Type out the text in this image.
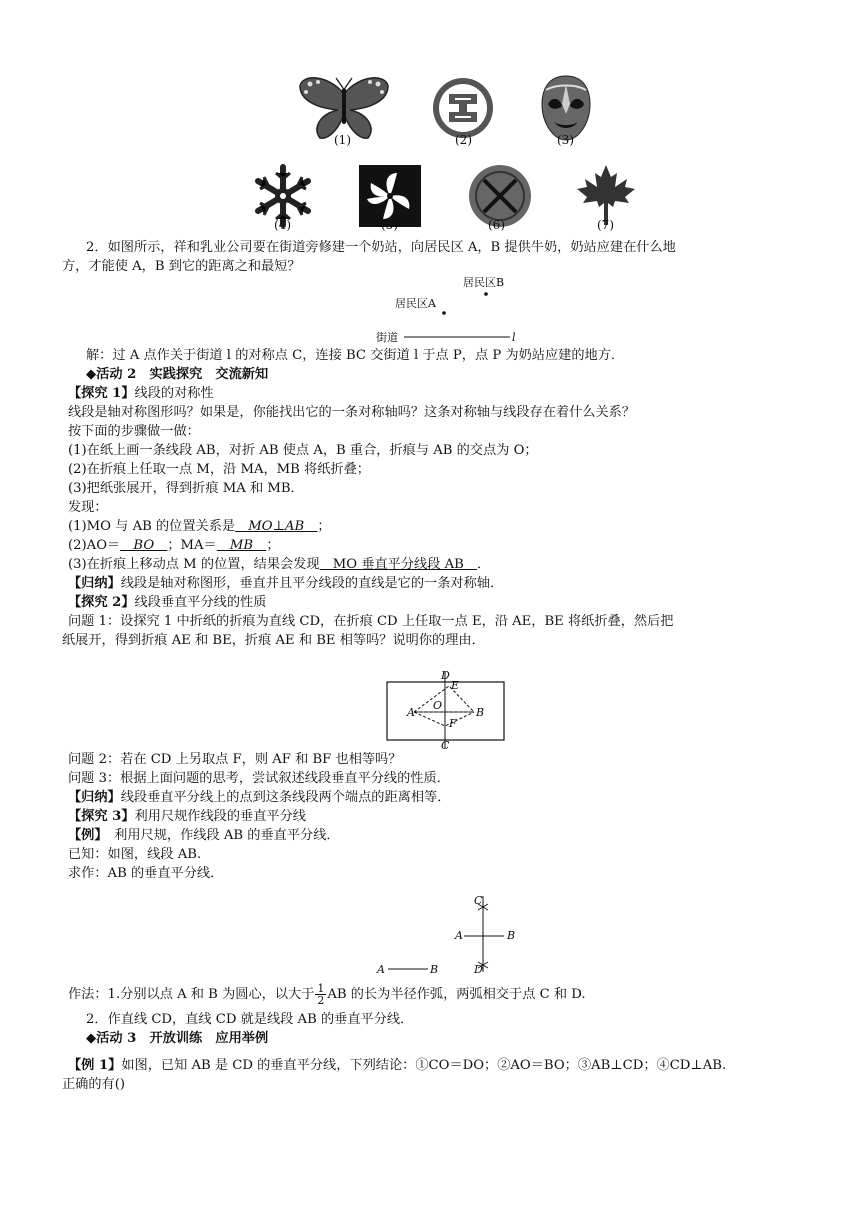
(1)	(2)	(3)
(4)	(5)	(6)	(7)
2．如图所示，祥和乳业公司要在街道旁修建一个奶站，向居民区 A，B 提供牛奶，奶站应建在什么地
方，才能使 A，B 到它的距离之和最短？
居民区B
居民区A
街道	l
解：过 A 点作关于街道 l 的对称点 C，连接 BC 交街道 l 于点 P，点 P 为奶站应建的地方．
◆活动 2　实践探究　交流新知
【探究 1】线段的对称性
线段是轴对称图形吗？如果是，你能找出它的一条对称轴吗？这条对称轴与线段存在着什么关系？
按下面的步骤做一做：
(1)在纸上画一条线段 AB，对折 AB 使点 A，B 重合，折痕与 AB 的交点为 O；
(2)在折痕上任取一点 M，沿 MA，MB 将纸折叠；
(3)把纸张展开，得到折痕 MA 和 MB．
发现：
(1)MO 与 AB 的位置关系是　MO⊥AB　；
(2)AO＝　BO　；MA＝　MB　；
(3)在折痕上移动点 M 的位置，结果会发现　MO 垂直平分线段 AB　．
【归纳】线段是轴对称图形，垂直并且平分线段的直线是它的一条对称轴．
【探究 2】线段垂直平分线的性质
问题 1：设探究 1 中折纸的折痕为直线 CD，在折痕 CD 上任取一点 E，沿 AE，BE 将纸折叠，然后把
纸展开，得到折痕 AE 和 BE，折痕 AE 和 BE 相等吗？说明你的理由．
D
E
A
O
B
F
C
问题 2：若在 CD 上另取点 F，则 AF 和 BF 也相等吗？
问题 3：根据上面问题的思考，尝试叙述线段垂直平分线的性质．
【归纳】线段垂直平分线上的点到这条线段两个端点的距离相等．
【探究 3】利用尺规作线段的垂直平分线
【例】　利用尺规，作线段 AB 的垂直平分线．
已知：如图，线段 AB.
求作：AB 的垂直平分线．
C
A	B
D
A	B
作法：1.分别以点 A 和 B 为圆心，以大于 $\frac{1}{2}$ AB 的长为半径作弧，两弧相交于点 C 和 D.
2．作直线 CD，直线 CD 就是线段 AB 的垂直平分线．
◆活动 3　开放训练　应用举例
【例 1】如图，已知 AB 是 CD 的垂直平分线，下列结论：①CO＝DO；②AO＝BO；③AB⊥CD；④CD⊥AB.
正确的有()
